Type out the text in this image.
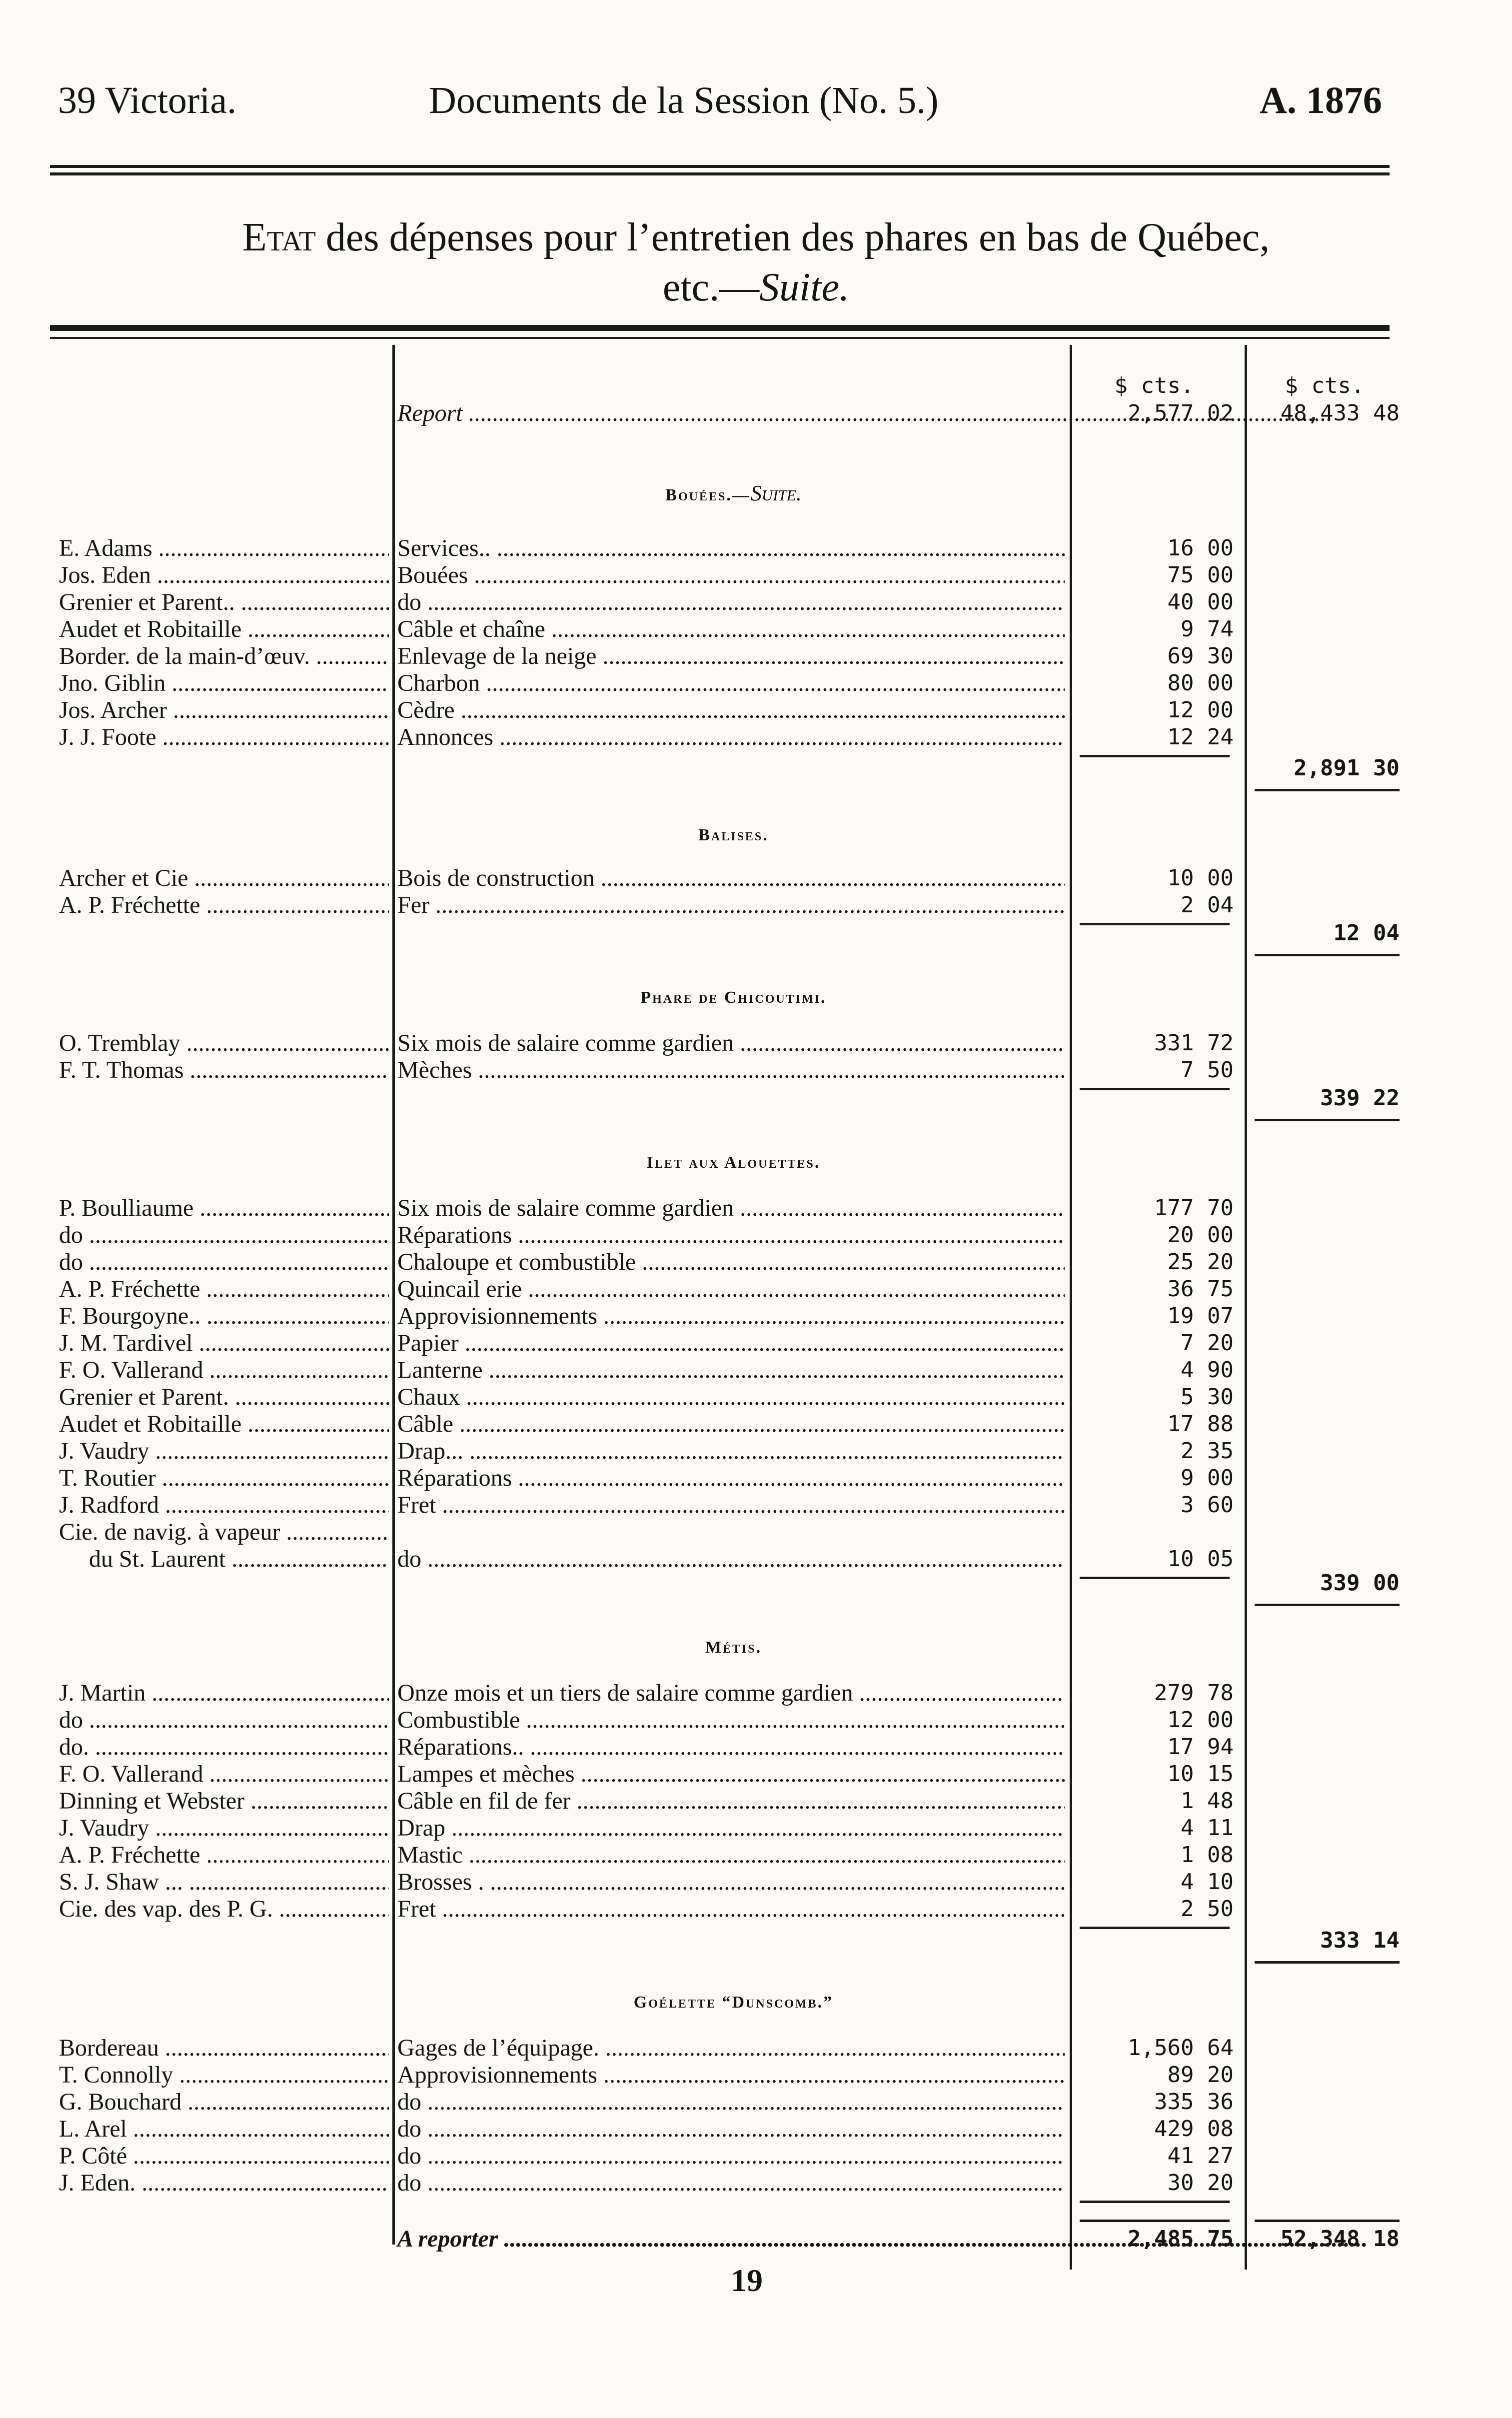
39 Victoria.	Documents de la Session (No. 5.)	A. 1876
Etat des dépenses pour l’entretien des phares en bas de Québec,
etc.—Suite.
$ cts.	$ cts.
Report .....	2,577 02	48,433 48
Bouées.—Suite.
E. Adams .....	Services.. .....	16 00
Jos. Eden .....	Bouées .....	75 00
Grenier et Parent.. .....	do .....	40 00
Audet et Robitaille .....	Câble et chaîne .....	9 74
Border. de la main-d’œuv. .....	Enlevage de la neige .....	69 30
Jno. Giblin .....	Charbon .....	80 00
Jos. Archer .....	Cèdre .....	12 00
J. J. Foote .....	Annonces .....	12 24
2,891 30
Balises.
Archer et Cie .....	Bois de construction .....	10 00
A. P. Fréchette .....	Fer .....	2 04
12 04
Phare de Chicoutimi.
O. Tremblay .....	Six mois de salaire comme gardien .....	331 72
F. T. Thomas .....	Mèches .....	7 50
339 22
Ilet aux Alouettes.
P. Boulliaume .....	Six mois de salaire comme gardien .....	177 70
do .....	Réparations .....	20 00
do .....	Chaloupe et combustible .....	25 20
A. P. Fréchette .....	Quincail erie .....	36 75
F. Bourgoyne.. .....	Approvisionnements .....	19 07
J. M. Tardivel .....	Papier .....	7 20
F. O. Vallerand .....	Lanterne .....	4 90
Grenier et Parent. .....	Chaux .....	5 30
Audet et Robitaille .....	Câble .....	17 88
J. Vaudry .....	Drap... .....	2 35
T. Routier .....	Réparations .....	9 00
J. Radford .....	Fret .....	3 60
Cie. de navig. à vapeur .....
du St. Laurent .....	do .....	10 05
339 00
Métis.
J. Martin .....	Onze mois et un tiers de salaire comme gardien .....	279 78
do .....	Combustible .....	12 00
do. .....	Réparations.. .....	17 94
F. O. Vallerand .....	Lampes et mèches .....	10 15
Dinning et Webster .....	Câble en fil de fer .....	1 48
J. Vaudry .....	Drap .....	4 11
A. P. Fréchette .....	Mastic .....	1 08
S. J. Shaw ... .....	Brosses . .....	4 10
Cie. des vap. des P. G. .....	Fret .....	2 50
333 14
Goélette “Dunscomb.”
Bordereau .....	Gages de l’équipage. .....	1,560 64
T. Connolly .....	Approvisionnements .....	89 20
G. Bouchard .....	do .....	335 36
L. Arel .....	do .....	429 08
P. Côté .....	do .....	41 27
J. Eden. .....	do .....	30 20
A reporter .....	2,485 75	52,348 18
19
